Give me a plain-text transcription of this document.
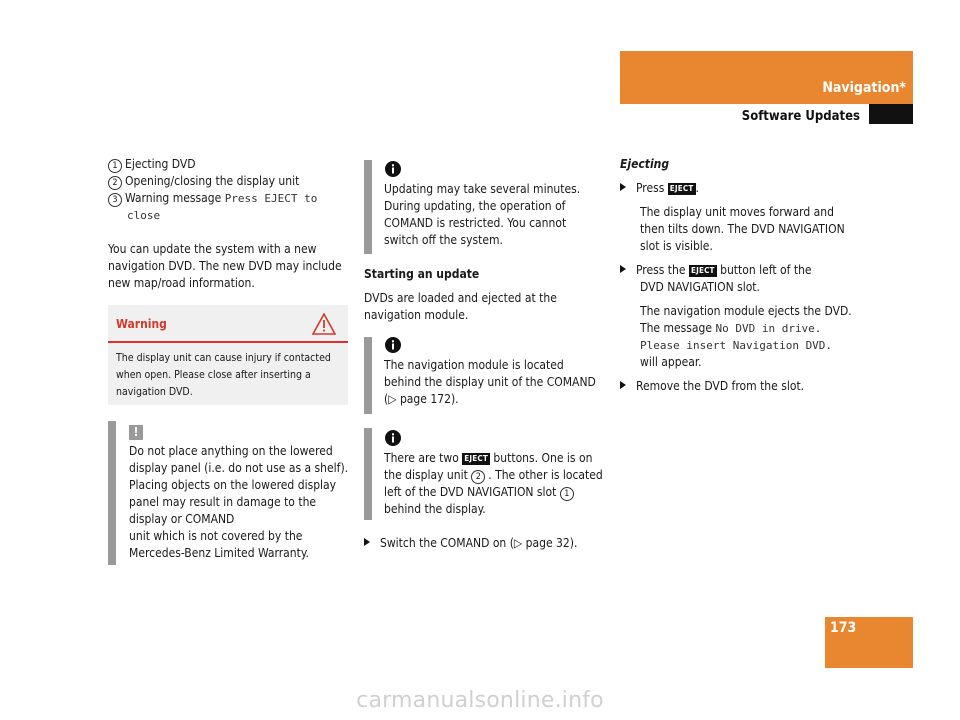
Navigation*
Software Updates
1 Ejecting DVD
2 Opening/closing the display unit
3 Warning message Press EJECT to
close
You can update the system with a new navigation DVD. The new DVD may include new map/road information.
Warning
The display unit can cause injury if contacted when open. Please close after inserting a navigation DVD.
!
Do not place anything on the lowered
display panel (i.e. do not use as a shelf).
Placing objects on the lowered display
panel may result in damage to the
display or COMAND
unit which is not covered by the
Mercedes-Benz Limited Warranty.
Updating may take several minutes.
During updating, the operation of
COMAND is restricted. You cannot
switch off the system.
Starting an update
DVDs are loaded and ejected at the navigation module.
The navigation module is located
behind the display unit of the COMAND
(▷ page 172).
There are two EJECT buttons. One is on
the display unit 2 . The other is located
left of the DVD NAVIGATION slot 1
behind the display.
Switch the COMAND on (▷ page 32).
Ejecting
Press EJECT .
The display unit moves forward and
then tilts down. The DVD NAVIGATION
slot is visible.
Press the EJECT button left of the
DVD NAVIGATION slot.
The navigation module ejects the DVD.
The message No DVD in drive.
Please insert Navigation DVD.
will appear.
Remove the DVD from the slot.
173
carmanualsonline.info
